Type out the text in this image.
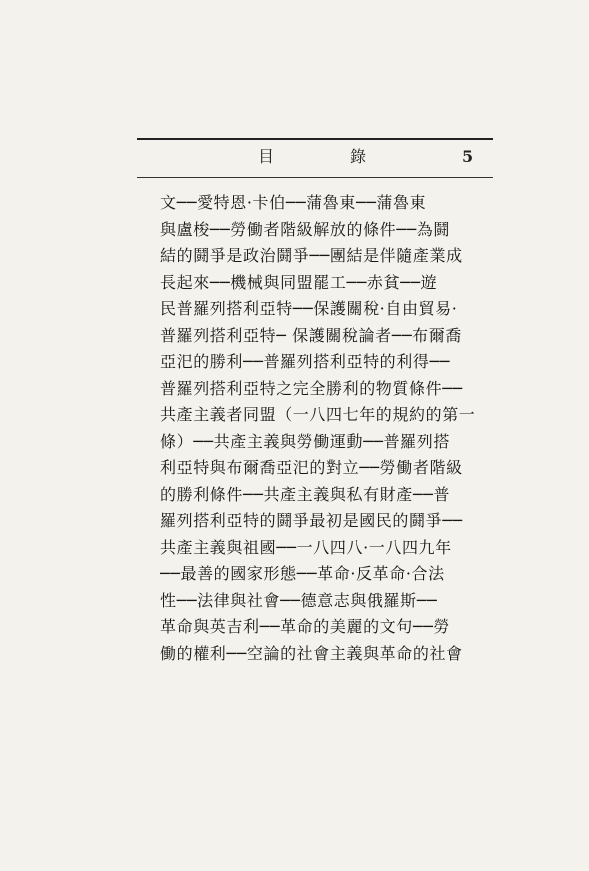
目	錄	5
文──愛特恩·卡伯──蒲魯東──蒲魯東
與盧梭──勞働者階級解放的條件──為鬪
結的鬪爭是政治鬪爭──團結是伴隨產業成
長起來──機械與同盟罷工──赤貧──遊
民普羅列搭利亞特──保護關稅·自由貿易·
普羅列搭利亞特─ 保護關稅論者──布爾喬
亞汜的勝利──普羅列搭利亞特的利得──
普羅列搭利亞特之完全勝利的物質條件──
共產主義者同盟（一八四七年的規約的第一
條）──共產主義與勞働運動──普羅列搭
利亞特與布爾喬亞汜的對立──勞働者階級
的勝利條件──共產主義與私有財產──普
羅列搭利亞特的鬪爭最初是國民的鬪爭──
共產主義與祖國──一八四八·一八四九年
──最善的國家形態──革命·反革命·合法
性──法律與社會──德意志與俄羅斯──
革命與英吉利──革命的美麗的文句──勞
働的權利──空論的社會主義與革命的社會
